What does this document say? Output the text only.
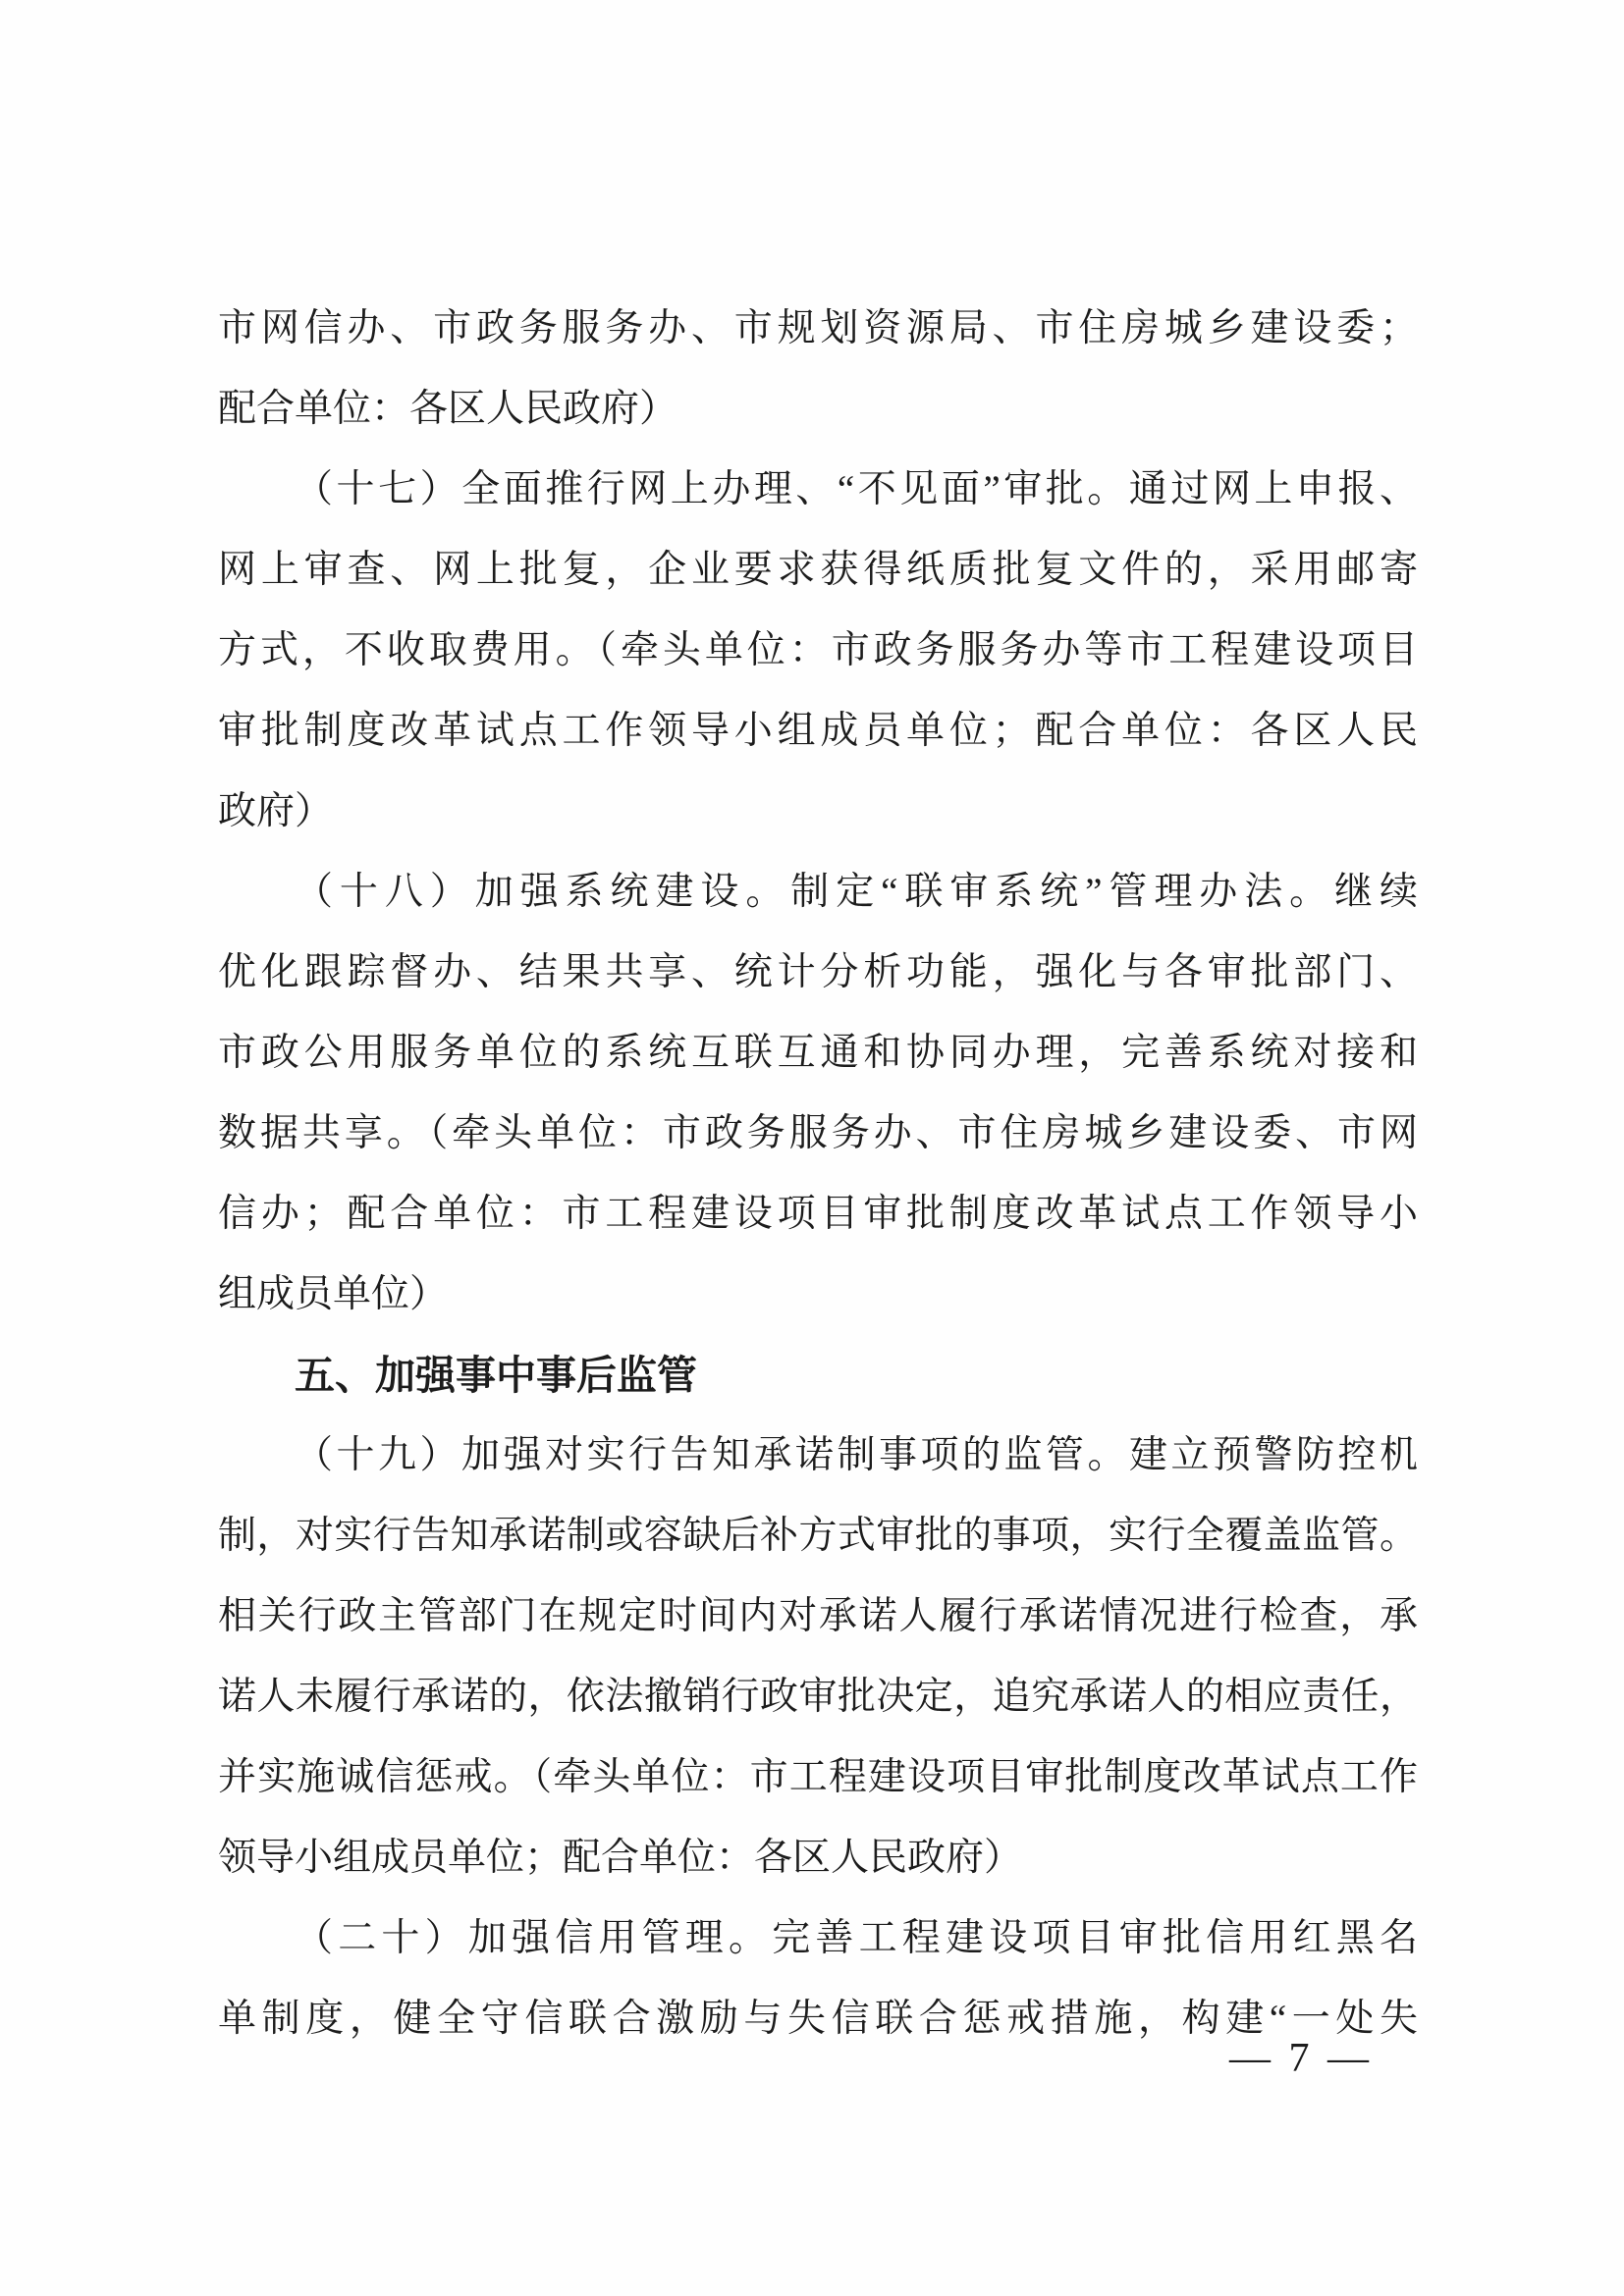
市网信办、市政务服务办、市规划资源局、市住房城乡建设委；
配合单位：各区人民政府）
（十七）全面推行网上办理、“不见面”审批。通过网上申报、
网上审查、网上批复，企业要求获得纸质批复文件的，采用邮寄
方式，不收取费用。（牵头单位：市政务服务办等市工程建设项目
审批制度改革试点工作领导小组成员单位；配合单位：各区人民
政府）
（十八）加强系统建设。制定“联审系统”管理办法。继续
优化跟踪督办、结果共享、统计分析功能，强化与各审批部门、
市政公用服务单位的系统互联互通和协同办理，完善系统对接和
数据共享。（牵头单位：市政务服务办、市住房城乡建设委、市网
信办；配合单位：市工程建设项目审批制度改革试点工作领导小
组成员单位）
五、加强事中事后监管
（十九）加强对实行告知承诺制事项的监管。建立预警防控机
制，对实行告知承诺制或容缺后补方式审批的事项，实行全覆盖监管。
相关行政主管部门在规定时间内对承诺人履行承诺情况进行检查，承
诺人未履行承诺的，依法撤销行政审批决定，追究承诺人的相应责任，
并实施诚信惩戒。（牵头单位：市工程建设项目审批制度改革试点工作
领导小组成员单位；配合单位：各区人民政府）
（二十）加强信用管理。完善工程建设项目审批信用红黑名
单制度，健全守信联合激励与失信联合惩戒措施，构建“一处失
— 7 —
